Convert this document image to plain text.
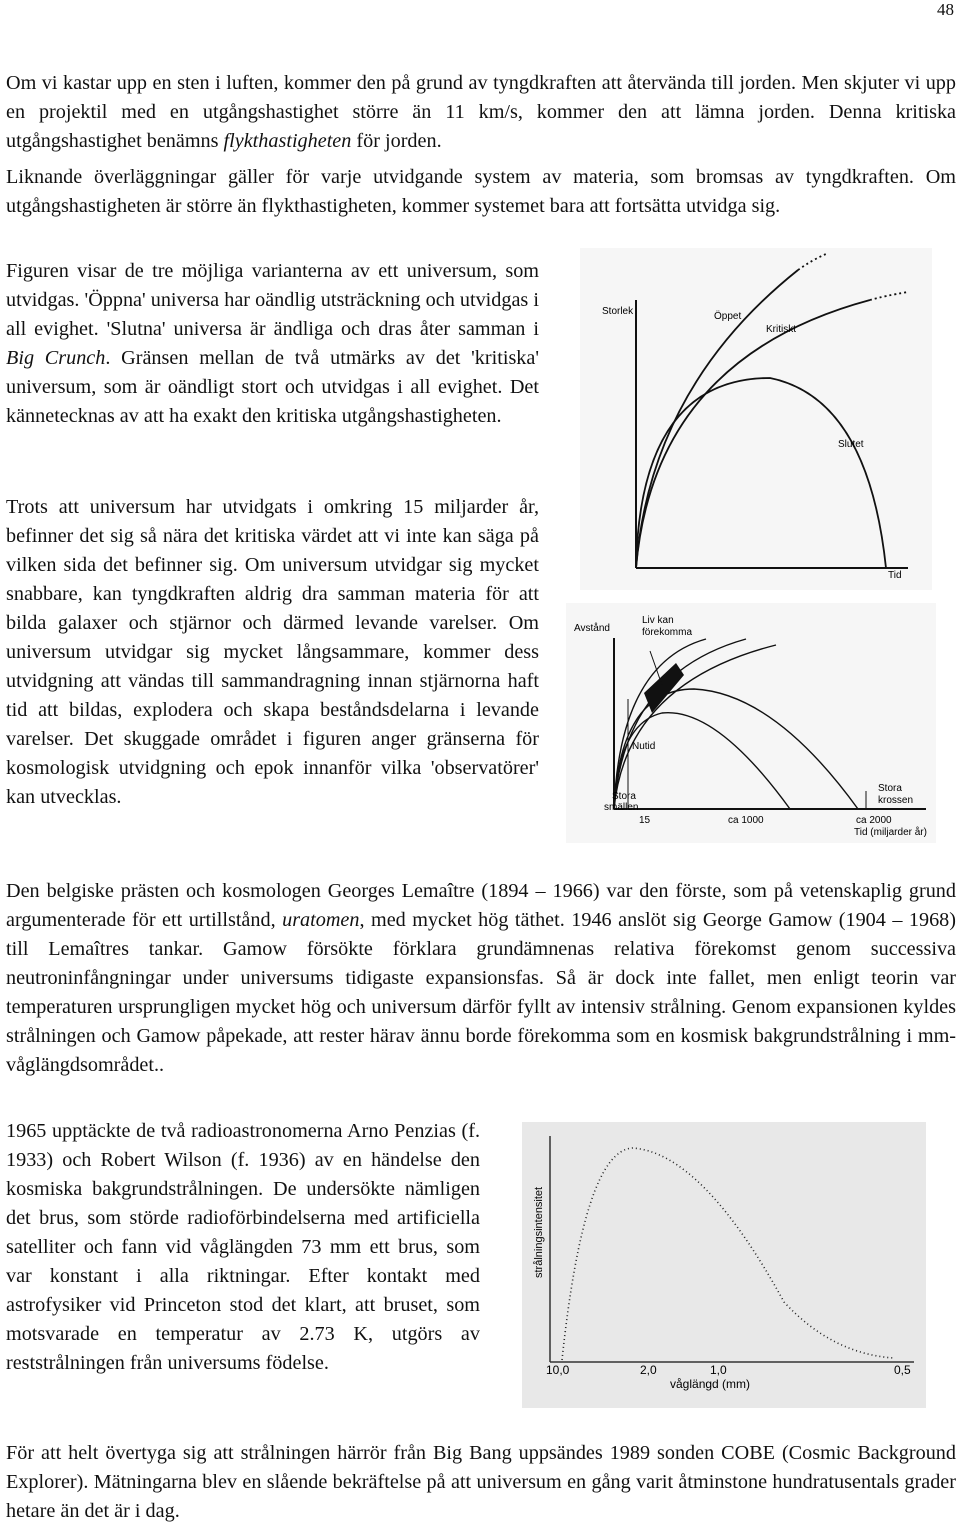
48

Om vi kastar upp en sten i luften, kommer den på grund av tyngdkraften att återvända till jorden. Men skjuter vi upp en projektil med en utgångshastighet större än 11 km/s, kommer den att lämna jorden. Denna kritiska utgångshastighet benämns flykthastigheten för jorden.

Liknande överläggningar gäller för varje utvidgande system av materia, som bromsas av tyngdkraften. Om utgångshastigheten är större än flykthastigheten, kommer systemet bara att fortsätta utvidga sig.

Figuren visar de tre möjliga varianterna av ett universum, som utvidgas. 'Öppna' universa har oändlig utsträckning och utvidgas i all evighet. 'Slutna' universa är ändliga och dras åter samman i Big Crunch. Gränsen mellan de två utmärks av det 'kritiska' universum, som är oändligt stort och utvidgas i all evighet. Det kännetecknas av att ha exakt den kritiska utgångshastigheten.

Trots att universum har utvidgats i omkring 15 miljarder år, befinner det sig så nära det kritiska värdet att vi inte kan säga på vilken sida det befinner sig. Om universum utvidgar sig mycket snabbare, kan tyngdkraften aldrig dra samman materia för att bilda galaxer och stjärnor och därmed levande varelser. Om universum utvidgar sig mycket långsammare, kommer dess utvidgning att vändas till sammandragning innan stjärnorna haft tid att bildas, explodera och skapa beståndsdelarna i levande varelser. Det skuggade området i figuren anger gränserna för kosmologisk utvidgning och epok innanför vilka 'observatörer' kan utvecklas.

Den belgiske prästen och kosmologen Georges Lemaître (1894 – 1966) var den förste, som på vetenskaplig grund argumenterade för ett urtillstånd, uratomen, med mycket hög täthet. 1946 anslöt sig George Gamow (1904 – 1968) till Lemaîtres tankar. Gamow försökte förklara grundämnenas relativa förekomst genom successiva neutroninfångningar under universums tidigaste expansionsfas. Så är dock inte fallet, men enligt teorin var temperaturen ursprungligen mycket hög och universum därför fyllt av intensiv strålning. Genom expansionen kyldes strålningen och Gamow påpekade, att rester härav ännu borde förekomma som en kosmisk bakgrundstrålning i mm-våglängdsområdet..

1965 upptäckte de två radioastronomerna Arno Penzias (f. 1933) och Robert Wilson (f. 1936) av en händelse den kosmiska bakgrundstrålningen. De undersökte nämligen det brus, som störde radioförbindelserna med artificiella satelliter och fann vid våglängden 73 mm ett brus, som var konstant i alla riktningar. Efter kontakt med astrofysiker vid Princeton stod det klart, att bruset, som motsvarade en temperatur av 2.73 K, utgörs av reststrålningen från universums födelse.

För att helt övertyga sig att strålningen härrör från Big Bang uppsändes 1989 sonden COBE (Cosmic Background Explorer). Mätningarna blev en slående bekräftelse på att universum en gång varit åtminstone hundratusentals grader hetare än det är i dag.

Storlek	Öppet
Kritiskt
Slutet
Tid
Avstånd
Liv kan
förekomma
Nutid
Stora
smällen
Stora
krossen
15	ca 1000	ca 2000
Tid (miljarder år)
strålningsintensitet
10,0	2,0	1,0	0,5
våglängd (mm)
